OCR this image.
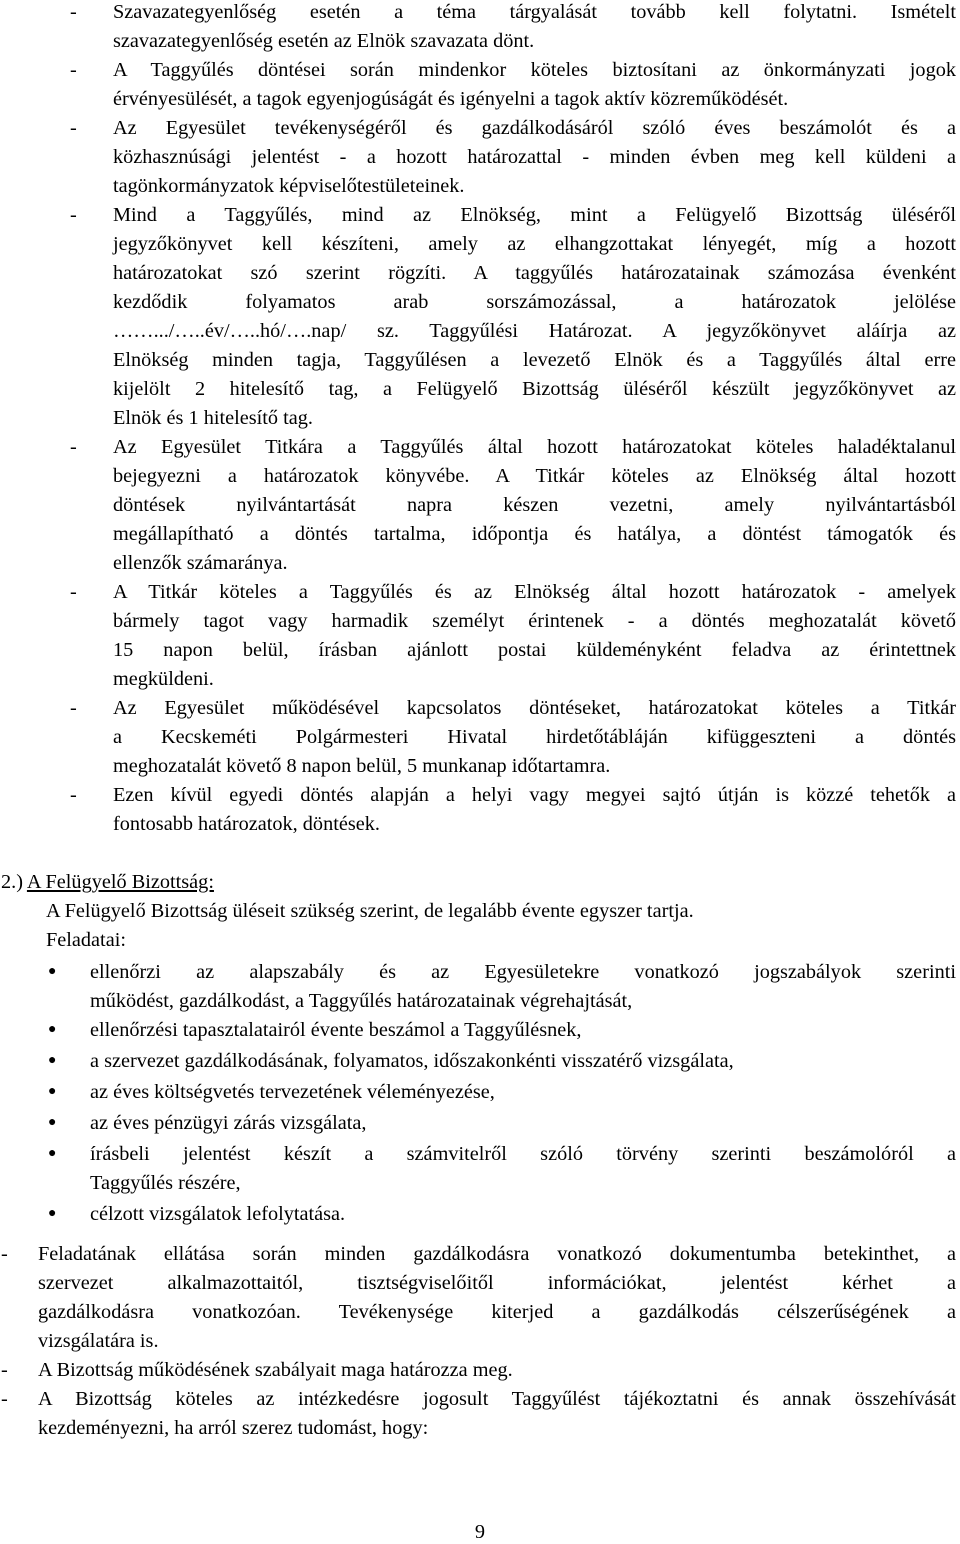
- Szavazategyenlőség esetén a téma tárgyalását tovább kell folytatni. Ismételt
szavazategyenlőség esetén az Elnök szavazata dönt.
- A Taggyűlés döntései során mindenkor köteles biztosítani az önkormányzati jogok
érvényesülését, a tagok egyenjogúságát és igényelni a tagok aktív közreműködését.
- Az Egyesület tevékenységéről és gazdálkodásáról szóló éves beszámolót és a
közhasznúsági jelentést - a hozott határozattal - minden évben meg kell küldeni a
tagönkormányzatok képviselőtestületeinek.
- Mind a Taggyűlés, mind az Elnökség, mint a Felügyelő Bizottság üléséről
jegyzőkönyvet kell készíteni, amely az elhangzottakat lényegét, míg a hozott
határozatokat szó szerint rögzíti. A taggyűlés határozatainak számozása évenként
kezdődik folyamatos arab sorszámozással, a határozatok jelölése
…….../…..év/…..hó/….nap/ sz. Taggyűlési Határozat. A jegyzőkönyvet aláírja az
Elnökség minden tagja, Taggyűlésen a levezető Elnök és a Taggyűlés által erre
kijelölt 2 hitelesítő tag, a Felügyelő Bizottság üléséről készült jegyzőkönyvet az
Elnök és 1 hitelesítő tag.
- Az Egyesület Titkára a Taggyűlés által hozott határozatokat köteles haladéktalanul
bejegyezni a határozatok könyvébe. A Titkár köteles az Elnökség által hozott
döntések nyilvántartását napra készen vezetni, amely nyilvántartásból
megállapítható a döntés tartalma, időpontja és hatálya, a döntést támogatók és
ellenzők számaránya.
- A Titkár köteles a Taggyűlés és az Elnökség által hozott határozatok - amelyek
bármely tagot vagy harmadik személyt érintenek - a döntés meghozatalát követő
15 napon belül, írásban ajánlott postai küldeményként feladva az érintettnek
megküldeni.
- Az Egyesület működésével kapcsolatos döntéseket, határozatokat köteles a Titkár
a Kecskeméti Polgármesteri Hivatal hirdetőtábláján kifüggeszteni a döntés
meghozatalát követő 8 napon belül, 5 munkanap időtartamra.
- Ezen kívül egyedi döntés alapján a helyi vagy megyei sajtó útján is közzé tehetők a
fontosabb határozatok, döntések.
2.) A Felügyelő Bizottság:
A Felügyelő Bizottság üléseit szükség szerint, de legalább évente egyszer tartja.
Feladatai:
● ellenőrzi az alapszabály és az Egyesületekre vonatkozó jogszabályok szerinti
működést, gazdálkodást, a Taggyűlés határozatainak végrehajtását,
● ellenőrzési tapasztalatairól évente beszámol a Taggyűlésnek,
● a szervezet gazdálkodásának, folyamatos, időszakonkénti visszatérő vizsgálata,
● az éves költségvetés tervezetének véleményezése,
● az éves pénzügyi zárás vizsgálata,
● írásbeli jelentést készít a számvitelről szóló törvény szerinti beszámolóról a
Taggyűlés részére,
● célzott vizsgálatok lefolytatása.
- Feladatának ellátása során minden gazdálkodásra vonatkozó dokumentumba betekinthet, a
szervezet alkalmazottaitól, tisztségviselőitől információkat, jelentést kérhet a
gazdálkodásra vonatkozóan. Tevékenysége kiterjed a gazdálkodás célszerűségének a
vizsgálatára is.
- A Bizottság működésének szabályait maga határozza meg.
- A Bizottság köteles az intézkedésre jogosult Taggyűlést tájékoztatni és annak összehívását
kezdeményezni, ha arról szerez tudomást, hogy:
9
